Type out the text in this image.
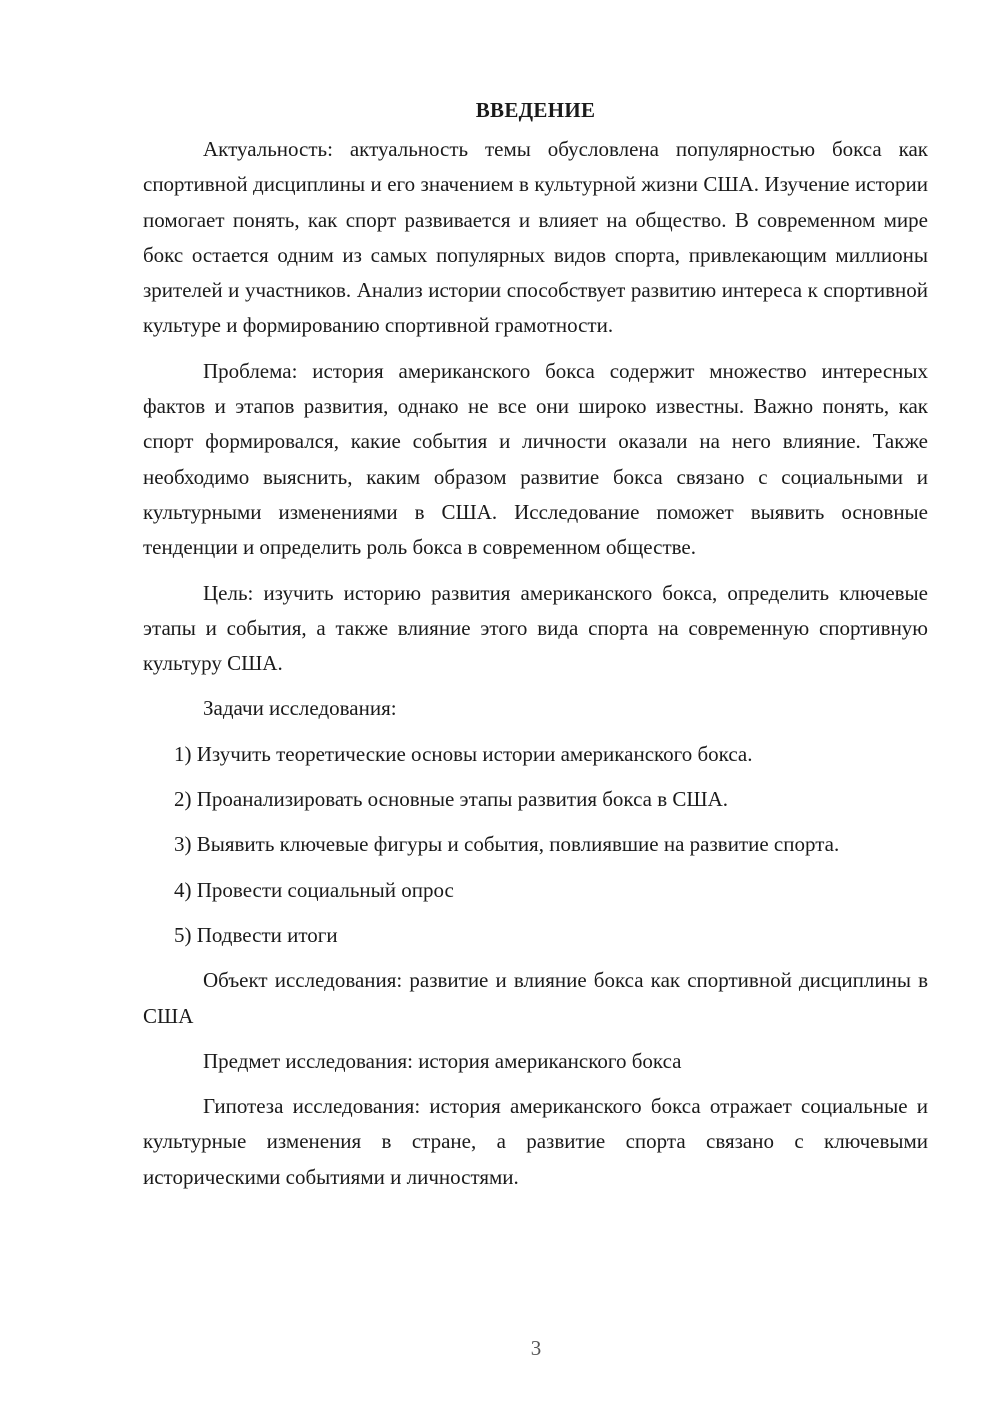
ВВЕДЕНИЕ

Актуальность: актуальность темы обусловлена популярностью бокса как спортивной дисциплины и его значением в культурной жизни США. Изучение истории помогает понять, как спорт развивается и влияет на общество. В современном мире бокс остается одним из самых популярных видов спорта, привлекающим миллионы зрителей и участников. Анализ истории способствует развитию интереса к спортивной культуре и формированию спортивной грамотности.

Проблема: история американского бокса содержит множество интересных фактов и этапов развития, однако не все они широко известны. Важно понять, как спорт формировался, какие события и личности оказали на него влияние. Также необходимо выяснить, каким образом развитие бокса связано с социальными и культурными изменениями в США. Исследование поможет выявить основные тенденции и определить роль бокса в современном обществе.

Цель: изучить историю развития американского бокса, определить ключевые этапы и события, а также влияние этого вида спорта на современную спортивную культуру США.

Задачи исследования:

1) Изучить теоретические основы истории американского бокса.

2) Проанализировать основные этапы развития бокса в США.

3) Выявить ключевые фигуры и события, повлиявшие на развитие спорта.

4) Провести социальный опрос

5) Подвести итоги

Объект исследования: развитие и влияние бокса как спортивной дисциплины в США

Предмет исследования: история американского бокса

Гипотеза исследования: история американского бокса отражает социальные и культурные изменения в стране, а развитие спорта связано с ключевыми историческими событиями и личностями.

3
